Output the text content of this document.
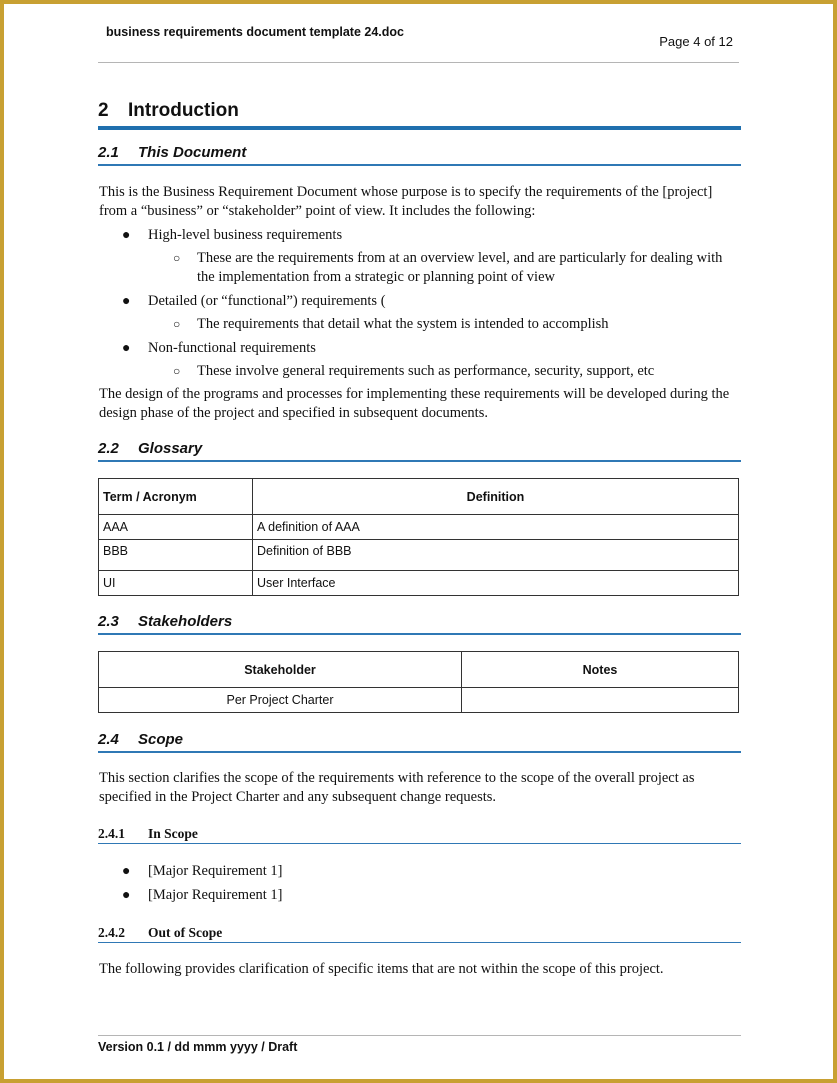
business requirements document template 24.doc
Page 4 of 12
2 Introduction
2.1 This Document
This is the Business Requirement Document whose purpose is to specify the requirements of the [project] from a “business” or “stakeholder” point of view. It includes the following:
● High-level business requirements
○ These are the requirements from at an overview level, and are particularly for dealing with the implementation from a strategic or planning point of view
● Detailed (or “functional”) requirements (
○ The requirements that detail what the system is intended to accomplish
● Non-functional requirements
○ These involve general requirements such as performance, security, support, etc
The design of the programs and processes for implementing these requirements will be developed during the design phase of the project and specified in subsequent documents.
2.2 Glossary
Term / Acronym	Definition
AAA	A definition of AAA
BBB	Definition of BBB
UI	User Interface
2.3 Stakeholders
Stakeholder	Notes
Per Project Charter	
2.4 Scope
This section clarifies the scope of the requirements with reference to the scope of the overall project as specified in the Project Charter and any subsequent change requests.
2.4.1 In Scope
● [Major Requirement 1]
● [Major Requirement 1]
2.4.2 Out of Scope
The following provides clarification of specific items that are not within the scope of this project.
Version 0.1 / dd mmm yyyy / Draft
